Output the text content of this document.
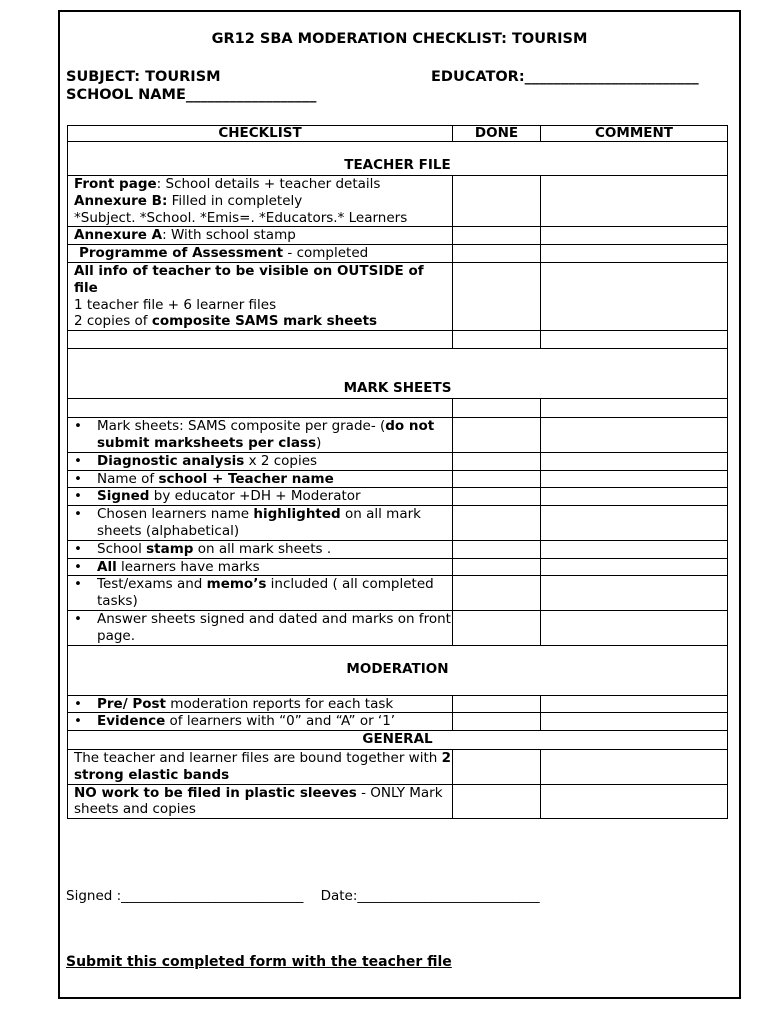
GR12 SBA MODERATION CHECKLIST: TOURISM
SUBJECT: TOURISM	EDUCATOR:________________________
SCHOOL NAME__________________
CHECKLIST	DONE	COMMENT
TEACHER FILE		

Front page: School details + teacher details
Annexure B: Filled in completely
*Subject. *School. *Emis=. *Educators.* Learners		

Annexure A: With school stamp		
Programme of Assessment - completed		

All info of teacher to be visible on OUTSIDE of file
1 teacher file + 6 learner files
2 copies of composite SAMS mark sheets		

MARK SHEETS		

• Mark sheets: SAMS composite per grade- (do not submit marksheets per class)		

• Diagnostic analysis x 2 copies		

• Name of school + Teacher name		

• Signed by educator +DH + Moderator		

• Chosen learners name highlighted on all mark sheets (alphabetical)		

• School stamp on all mark sheets .		

• All learners have marks		

• Test/exams and memo’s included ( all completed tasks)		

• Answer sheets signed and dated and marks on front page.		

MODERATION		

• Pre/ Post moderation reports for each task		

• Evidence of learners with “0” and “A” or ‘1’		

GENERAL		
The teacher and learner files are bound together with 2 strong elastic bands		
NO work to be filed in plastic sleeves - ONLY Mark sheets and copies		
Signed :___________________________ Date:___________________________
Submit this completed form with the teacher file
